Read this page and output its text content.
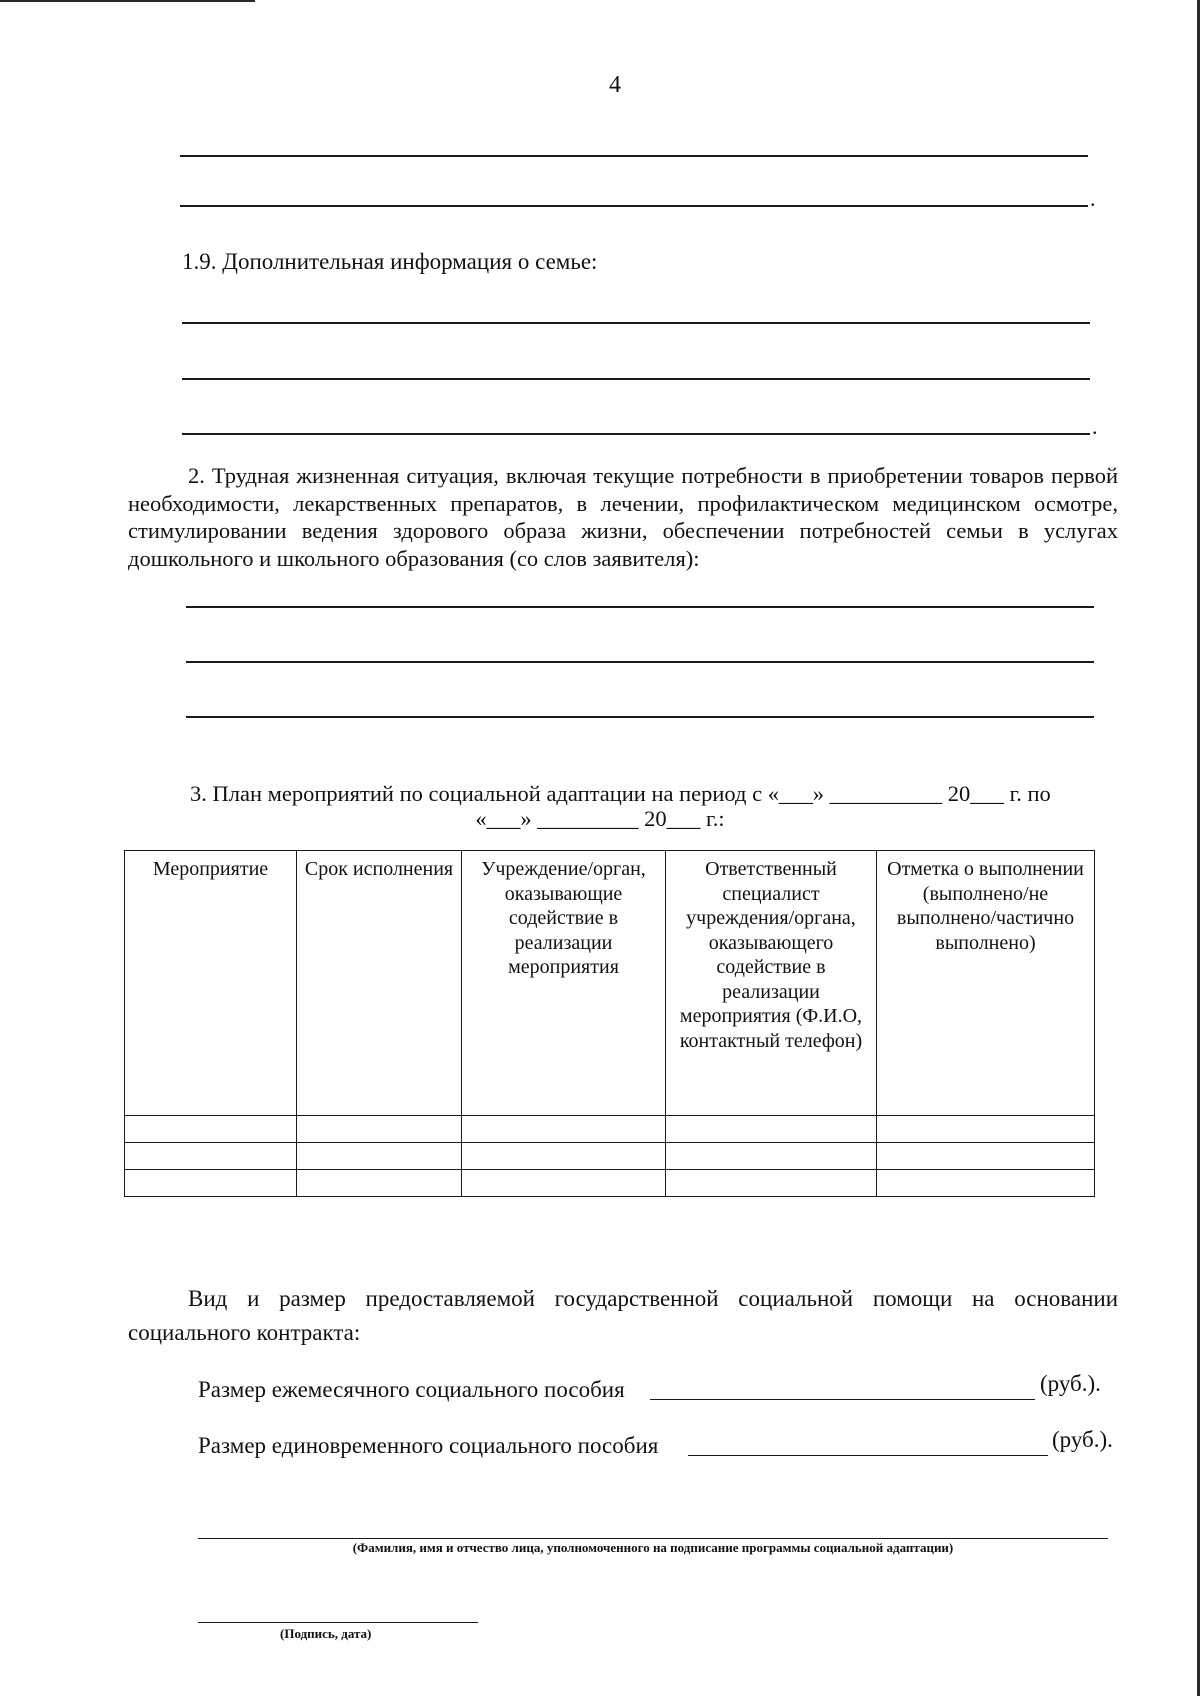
4
.
1.9. Дополнительная информация о семье:
.
2. Трудная жизненная ситуация, включая текущие потребности в приобретении товаров первой необходимости, лекарственных препаратов, в лечении, профилактическом медицинском осмотре, стимулировании ведения здорового образа жизни, обеспечении потребностей семьи в услугах дошкольного и школьного образования (со слов заявителя):
3. План мероприятий по социальной адаптации на период с «___» __________ 20___ г. по
«___» _________ 20___ г.:
Мероприятие	Срок исполнения	Учреждение/орган, оказывающие содействие в реализации мероприятия	Ответственный специалист учреждения/органа, оказывающего содействие в реализации мероприятия (Ф.И.О, контактный телефон)	Отметка о выполнении (выполнено/не выполнено/частично выполнено)

Вид и размер предоставляемой государственной социальной помощи на основании социального контракта:
Размер ежемесячного социального пособия	(руб.).
Размер единовременного социального пособия	(руб.).
(Фамилия, имя и отчество лица, уполномоченного на подписание программы социальной адаптации)
(Подпись, дата)
